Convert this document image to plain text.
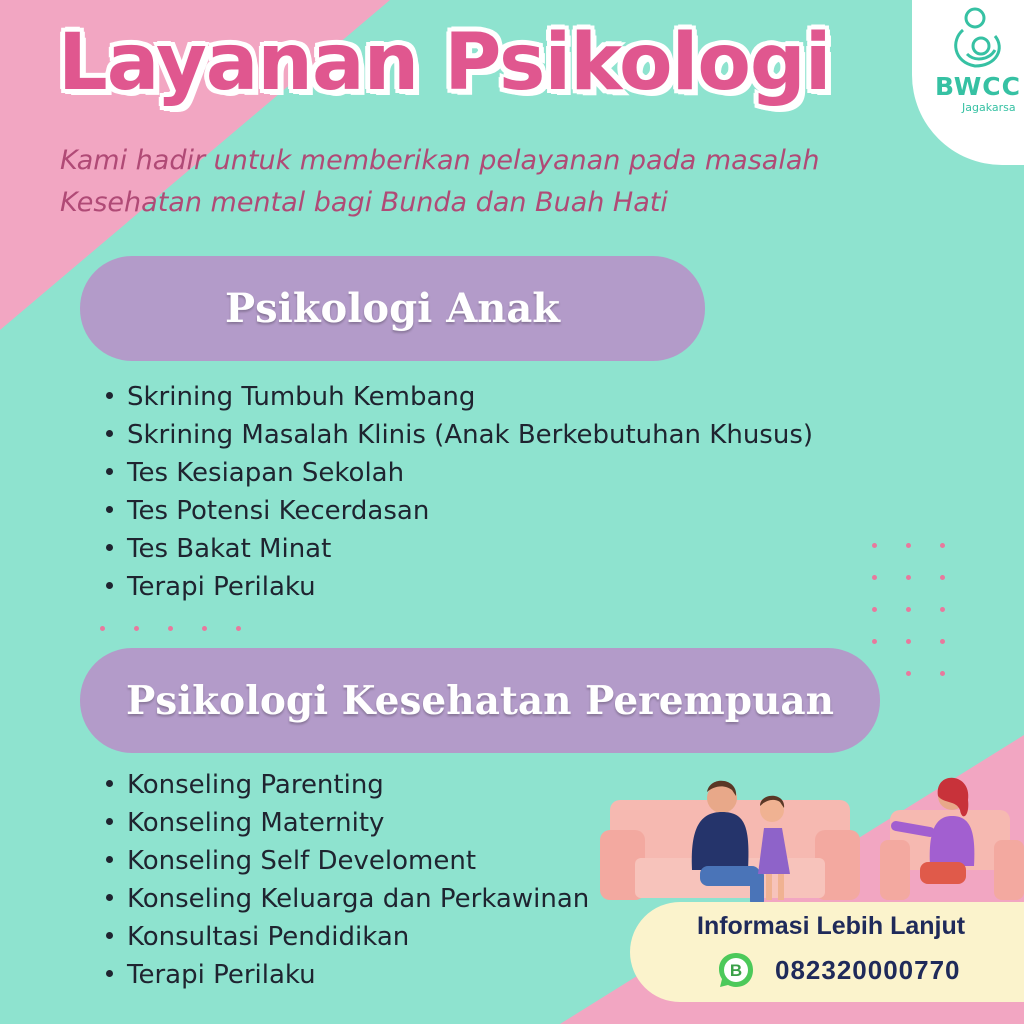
Layanan Psikologi

Kami hadir untuk memberikan pelayanan pada masalah
Kesehatan mental bagi Bunda dan Buah Hati

BWCC
Jagakarsa
Psikologi Anak
Skrining Tumbuh Kembang
Skrining Masalah Klinis (Anak Berkebutuhan Khusus)
Tes Kesiapan Sekolah
Tes Potensi Kecerdasan
Tes Bakat Minat
Terapi Perilaku
Psikologi Kesehatan Perempuan
Konseling Parenting
Konseling Maternity
Konseling Self Develoment
Konseling Keluarga dan Perkawinan
Konsultasi Pendidikan
Terapi Perilaku
Informasi Lebih Lanjut
B 082320000770
